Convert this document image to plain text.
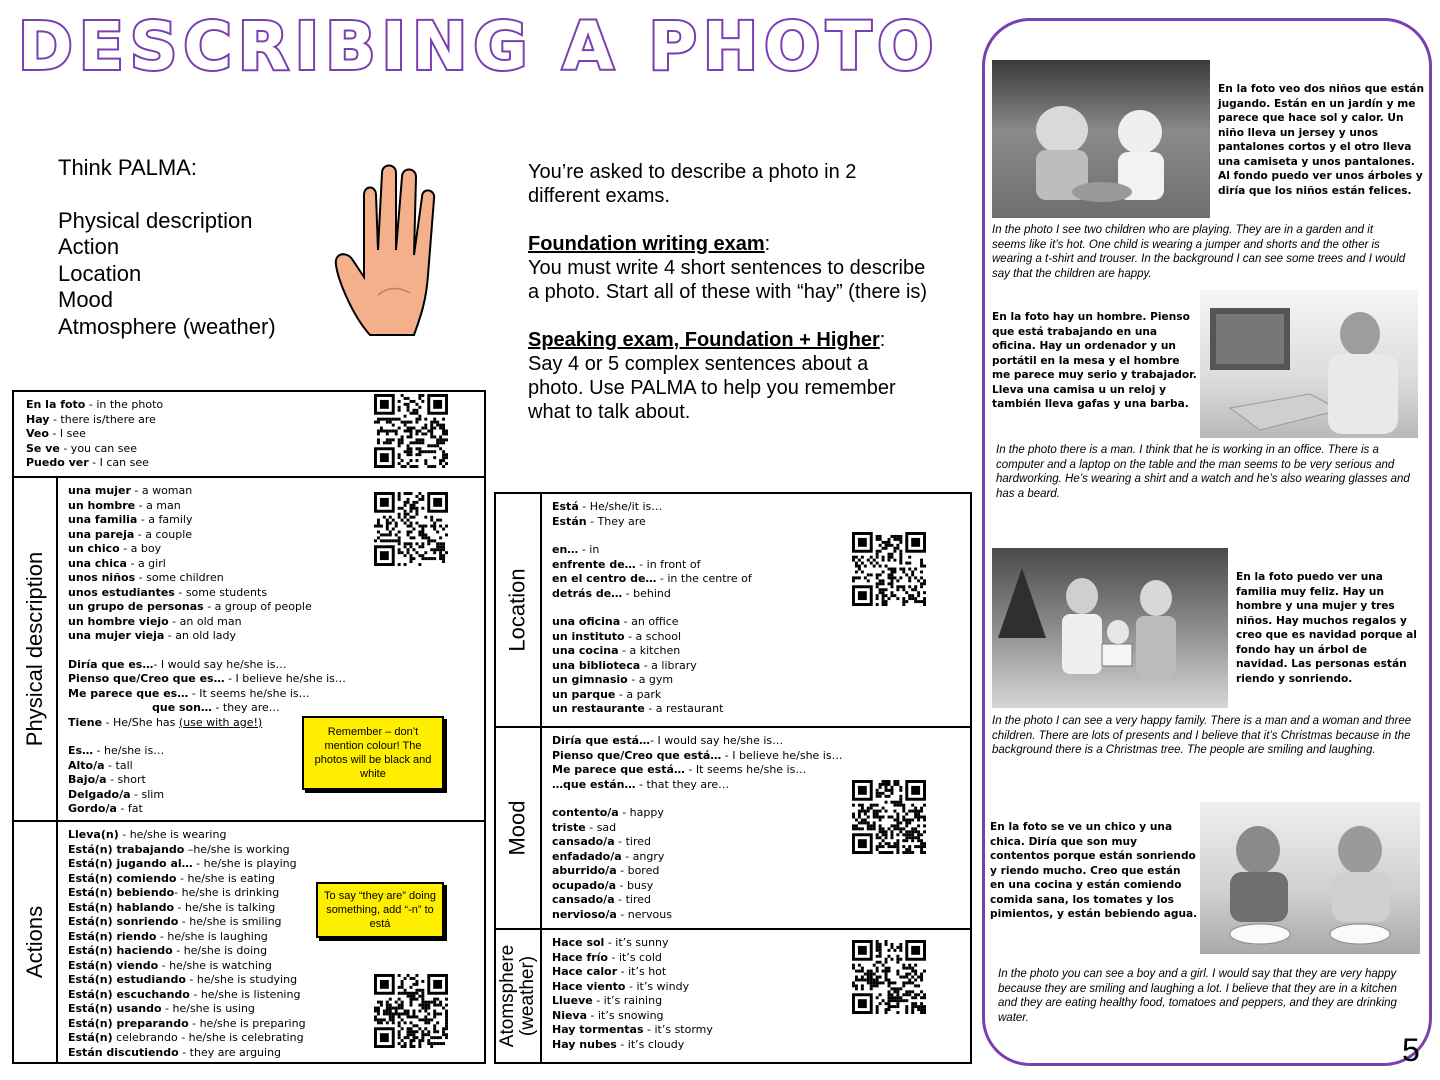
DESCRIBING A PHOTO
Think PALMA:
Physical description
Action
Location
Mood
Atmosphere (weather)
You’re asked to describe a photo in 2 different exams.
Foundation writing exam:
You must write 4 short sentences to describe a photo. Start all of these with “hay” (there is)
Speaking exam, Foundation + Higher:
Say 4 or 5 complex sentences about a photo. Use PALMA to help you remember what to talk about.
En la foto - in the photo
Hay - there is/there are
Veo - I see
Se ve - you can see
Puedo ver - I can see
Physical description
una mujer - a woman
un hombre - a man
una familia - a family
una pareja - a couple
un chico - a boy
una chica - a girl
unos niños - some children
unos estudiantes - some students
un grupo de personas - a group of people
un hombre viejo - an old man
una mujer vieja - an old lady
Diría que es…- I would say he/she is…
Pienso que/Creo que es… - I believe he/she is…
Me parece que es… - It seems he/she is…
que son… - they are…
Tiene - He/She has (use with age!)
Es… - he/she is…
Alto/a - tall
Bajo/a - short
Delgado/a - slim
Gordo/a - fat
Remember – don’t mention colour! The photos will be black and white
Actions
Lleva(n) - he/she is wearing
Está(n) trabajando –he/she is working
Está(n) jugando al… - he/she is playing
Está(n) comiendo - he/she is eating
Está(n) bebiendo- he/she is drinking
Está(n) hablando - he/she is talking
Está(n) sonriendo - he/she is smiling
Está(n) riendo - he/she is laughing
Está(n) haciendo - he/she is doing
Está(n) viendo - he/she is watching
Está(n) estudiando - he/she is studying
Está(n) escuchando - he/she is listening
Está(n) usando - he/she is using
Está(n) preparando - he/she is preparing
Está(n) celebrando - he/she is celebrating
Están discutiendo - they are arguing
To say “they are” doing something, add “-n” to está
Location
Está - He/she/it is…
Están - They are
en… - in
enfrente de… - in front of
en el centro de… - in the centre of
detrás de… - behind
una oficina - an office
un instituto - a school
una cocina - a kitchen
una biblioteca - a library
un gimnasio - a gym
un parque - a park
un restaurante - a restaurant
Mood
Diría que está…- I would say he/she is…
Pienso que/Creo que está… - I believe he/she is…
Me parece que está… - It seems he/she is…
…que están… - that they are…
contento/a - happy
triste - sad
cansado/a - tired
enfadado/a - angry
aburrido/a - bored
ocupado/a - busy
cansado/a - tired
nervioso/a - nervous
Atomsphere (weather)
Hace sol - it’s sunny
Hace frío - it’s cold
Hace calor - it’s hot
Hace viento - it’s windy
Llueve - it’s raining
Nieva - it’s snowing
Hay tormentas - it’s stormy
Hay nubes - it’s cloudy
En la foto veo dos niños que están jugando. Están en un jardín y me parece que hace sol y calor. Un niño lleva un jersey y unos pantalones cortos y el otro lleva una camiseta y unos pantalones. Al fondo puedo ver unos árboles y diría que los niños están felices.
In the photo I see two children who are playing. They are in a garden and it seems like it’s hot. One child is wearing a jumper and shorts and the other is wearing a t-shirt and trouser. In the background I can see some trees and I would say that the children are happy.
En la foto hay un hombre. Pienso que está trabajando en una oficina. Hay un ordenador y un portátil en la mesa y el hombre me parece muy serio y trabajador. Lleva una camisa u un reloj y también lleva gafas y una barba.
In the photo there is a man. I think that he is working in an office. There is a computer and a laptop on the table and the man seems to be very serious and hardworking. He’s wearing a shirt and a watch and he’s also wearing glasses and has a beard.
En la foto puedo ver una familia muy feliz. Hay un hombre y una mujer y tres niños. Hay muchos regalos y creo que es navidad porque al fondo hay un árbol de navidad. Las personas están riendo y sonriendo.
In the photo I can see a very happy family. There is a man and a woman and three children. There are lots of presents and I believe that it’s Christmas because in the background there is a Christmas tree. The people are smiling and laughing.
En la foto se ve un chico y una chica. Diría que son muy contentos porque están sonriendo y riendo mucho. Creo que están en una cocina y están comiendo comida sana, los tomates y los pimientos, y están bebiendo agua.
In the photo you can see a boy and a girl. I would say that they are very happy because they are smiling and laughing a lot. I believe that they are in a kitchen and they are eating healthy food, tomatoes and peppers, and they are drinking water.
5
